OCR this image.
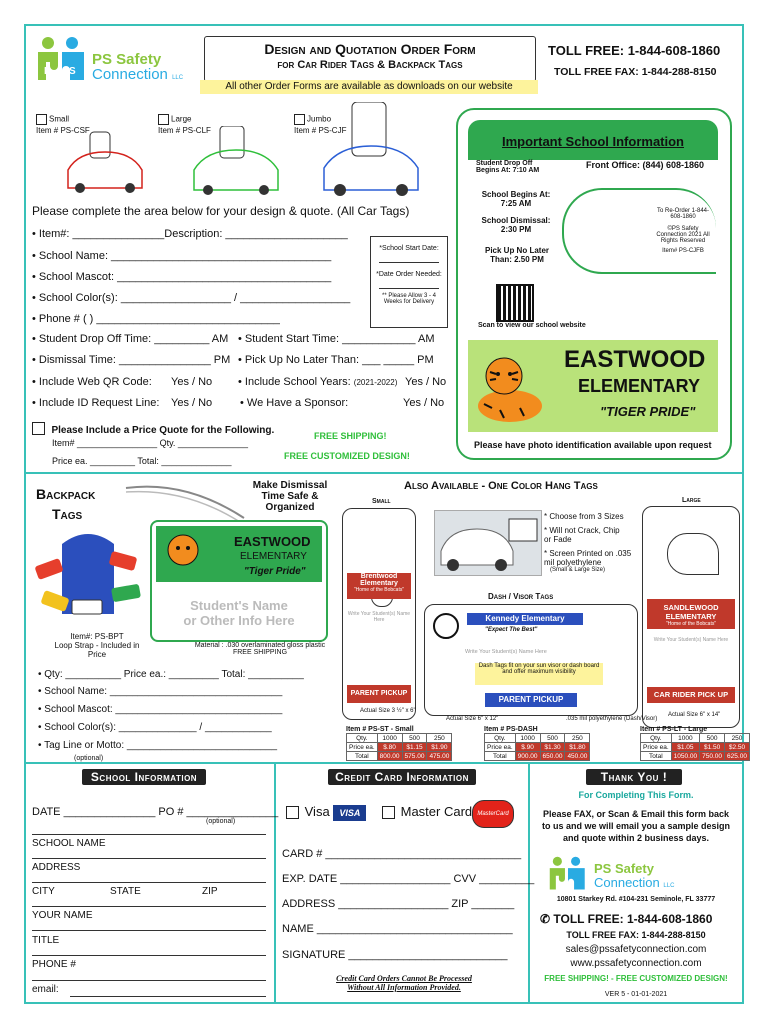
P S
PS Safety
Connection LLC
Design and Quotation Order Form
for Car Rider Tags & Backpack Tags
All other Order Forms are available as downloads on our website
TOLL FREE: 1-844-608-1860
TOLL FREE FAX: 1-844-288-8150
Small
Item # PS-CSF
Large
Item # PS-CLF
Jumbo
Item # PS-CJF
Important School Information
Student Drop Off Begins At: 7:10 AM
Front Office: (844) 608-1860
School Begins At: 7:25 AM
School Dismissal: 2:30 PM
Pick Up No Later Than: 2.50 PM
To Re-Order 1-844-608-1860
©PS Safety Connection 2021 All Rights Reserved
Item# PS-CJFB
Scan to view our school website
EASTWOOD
ELEMENTARY
"TIGER PRIDE"
Please have photo identification available upon request
Please complete the area below for your design & quote. (All Car Tags)
• Item#: _______________Description: ____________________
• School Name: ____________________________________
• School Mascot: ___________________________________
• School Color(s): __________________ / __________________
• Phone # ( ) ______________________________
*School Start Date:
*Date Order Needed:
** Please Allow 3 - 4 Weeks for Delivery
• Student Drop Off Time: _________ AM • Student Start Time: ____________ AM
• Dismissal Time: _______________ PM • Pick Up No Later Than: ___ _____ PM
• Include Web QR Code: Yes / No • Include School Years: (2021-2022) Yes / No
• Include ID Request Line: Yes / No	• We Have a Sponsor:	Yes / No
Please Include a Price Quote for the Following.
Item# ________________ Qty. ______________
Price ea. _________ Total: ______________
FREE SHIPPING!
FREE CUSTOMIZED DESIGN!
Backpack
Tags
Make Dismissal Time Safe & Organized
EASTWOOD
ELEMENTARY
"Tiger Pride"
Student's Name
or Other Info Here
Item#: PS-BPT
Loop Strap - Included in Price
Material : .030 overlaminated gloss plastic
FREE SHIPPING
• Qty: __________ Price ea.: _________ Total: __________
• School Name: _______________________________
• School Mascot: ______________________________
• School Color(s): ______________ / ____________
• Tag Line or Motto: ___________________________
(optional)
Also Available - One Color Hang Tags
Small	Large
Brentwood Elementary
"Home of the Bobcats"
Write Your Student(s) Name Here
PARENT PICKUP
Actual Size 3 ½" x 6"
* Choose from 3 Sizes
* Will not Crack, Chip or Fade
* Screen Printed on .035 mil polyethylene
(Small & Large Size)
SANDLEWOOD ELEMENTARY
"Home of the Bobcats"
Write Your Student(s) Name Here
CAR RIDER PICK UP
Actual Size 6" x 14"
Dash / Visor Tags
Kennedy Elementary
"Expect The Best"
Write Your Student(s) Name Here
Dash Tags fit on your sun visor or dash board and offer maximum visibility
PARENT PICKUP
Actual Size 6" x 12"	.035 mil polyethylene (Dash/Visor)
Item # PS-ST - Small
Qty.	1000	500	250
Price ea.	$.80	$1.15	$1.90
Total	800.00	575.00	475.00
Item # PS-DASH
Qty.	1000	500	250
Price ea.	$.90	$1.30	$1.80
Total	900.00	650.00	450.00
Item # PS-LT - Large
Qty.	1000	500	250
Price ea.	$1.05	$1.50	$2.50
Total	1050.00	750.00	625.00
School Information
DATE _______________ PO # _______________
(optional)
SCHOOL NAME
ADDRESS
CITY	STATE	ZIP
YOUR NAME
TITLE
PHONE #
email:
Credit Card Information
Visa VISA	Master Card MasterCard
CARD # ________________________________
EXP. DATE __________________ CVV _________
ADDRESS __________________ ZIP _______
NAME ________________________________
SIGNATURE __________________________
Credit Card Orders Cannot Be Processed
Without All Information Provided.
Thank You !
For Completing This Form.
Please FAX, or Scan & Email this form back to us and we will email you a sample design and quote within 2 business days.
PS Safety
Connection LLC
10801 Starkey Rd. #104-231 Seminole, FL 33777
✆ TOLL FREE: 1-844-608-1860
TOLL FREE FAX: 1-844-288-8150
sales@pssafetyconnection.com
www.pssafetyconnection.com
FREE SHIPPING! - FREE CUSTOMIZED DESIGN!
VER 5 - 01-01-2021
